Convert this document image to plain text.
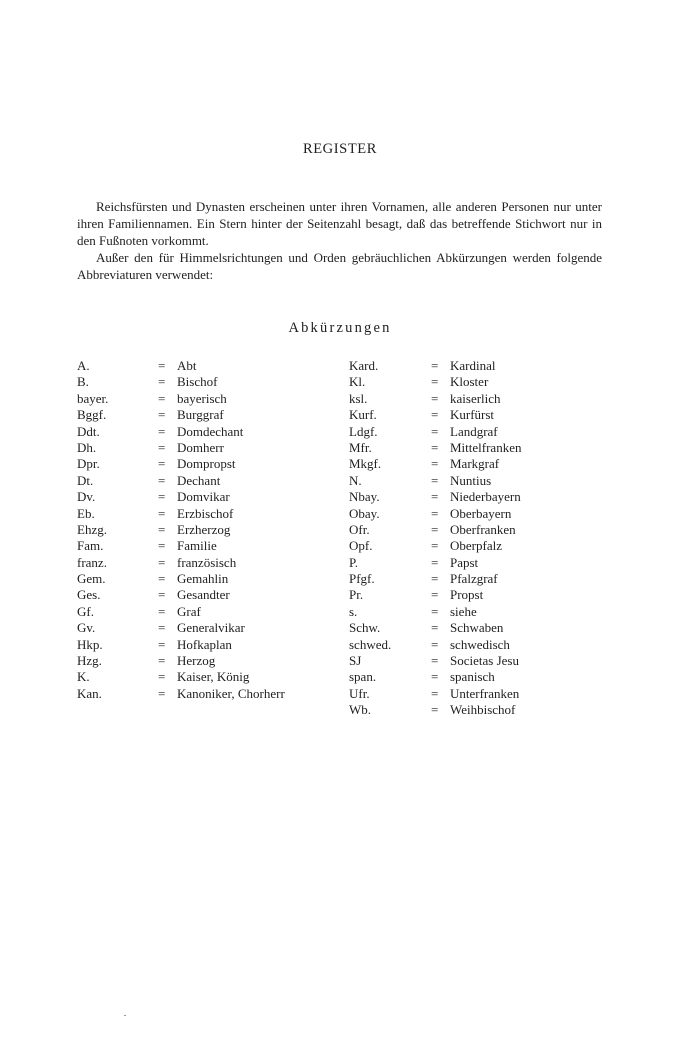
REGISTER

Reichsfürsten und Dynasten erscheinen unter ihren Vornamen, alle anderen Personen nur unter ihren Familiennamen. Ein Stern hinter der Seitenzahl besagt, daß das betreffende Stichwort nur in den Fußnoten vorkommt.

Außer den für Himmelsrichtungen und Orden gebräuchlichen Abkürzungen werden folgende Abbreviaturen verwendet:

Abkürzungen
A.	= Abt
B.	= Bischof
bayer.	= bayerisch
Bggf.	= Burggraf
Ddt.	= Domdechant
Dh.	= Domherr
Dpr.	= Dompropst
Dt.	= Dechant
Dv.	= Domvikar
Eb.	= Erzbischof
Ehzg.	= Erzherzog
Fam.	= Familie
franz.	= französisch
Gem.	= Gemahlin
Ges.	= Gesandter
Gf.	= Graf
Gv.	= Generalvikar
Hkp.	= Hofkaplan
Hzg.	= Herzog
K.	= Kaiser, König
Kan.	= Kanoniker, Chorherr
Kard.	= Kardinal
Kl.	= Kloster
ksl.	= kaiserlich
Kurf.	= Kurfürst
Ldgf.	= Landgraf
Mfr.	= Mittelfranken
Mkgf.	= Markgraf
N.	= Nuntius
Nbay.	= Niederbayern
Obay.	= Oberbayern
Ofr.	= Oberfranken
Opf.	= Oberpfalz
P.	= Papst
Pfgf.	= Pfalzgraf
Pr.	= Propst
s.	= siehe
Schw.	= Schwaben
schwed.	= schwedisch
SJ	= Societas Jesu
span.	= spanisch
Ufr.	= Unterfranken
Wb.	= Weihbischof
